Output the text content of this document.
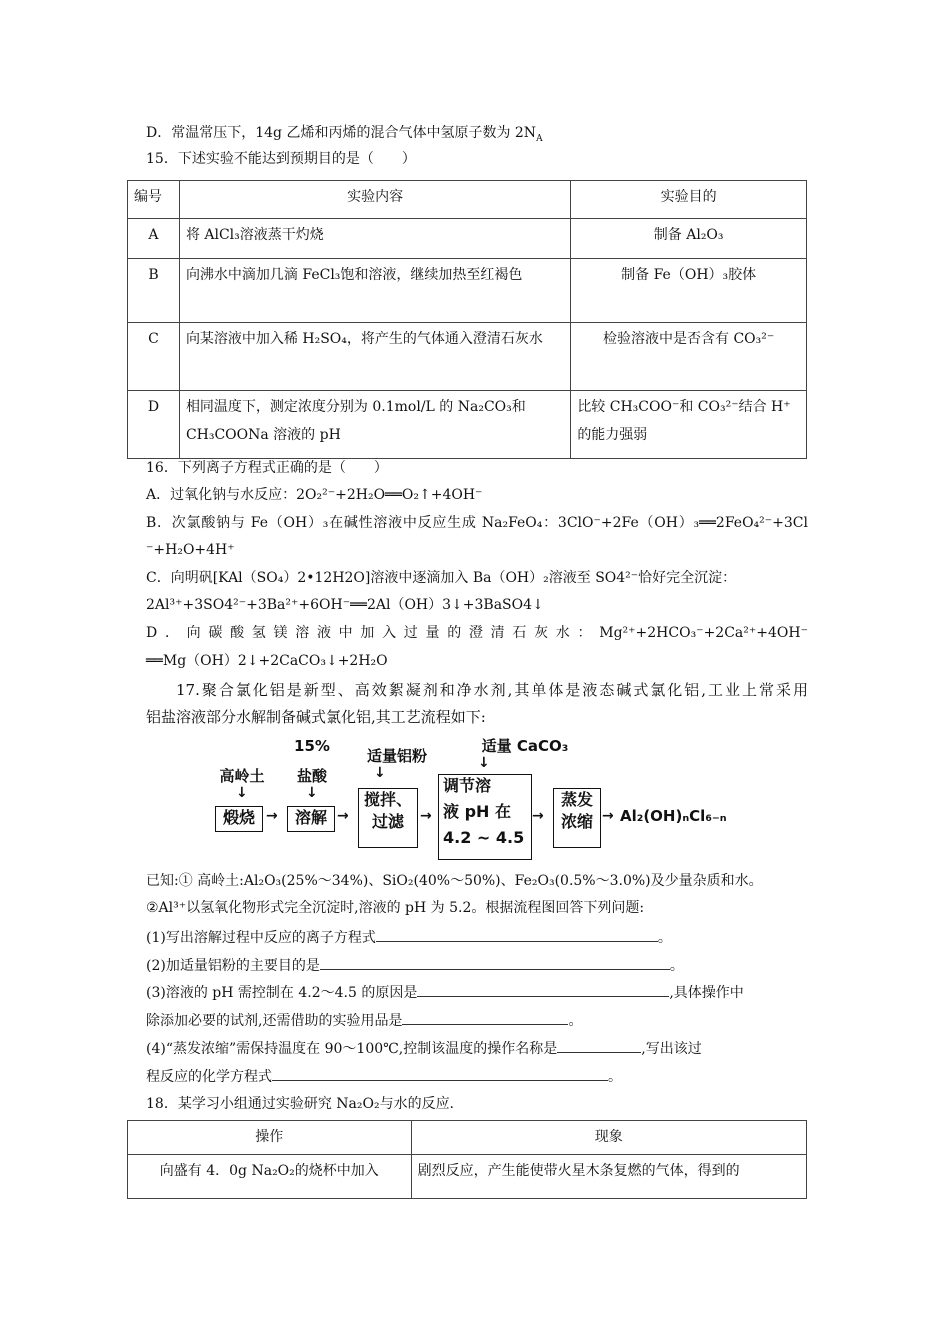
D．常温常压下，14g 乙烯和丙烯的混合气体中氢原子数为 $2N_A$
15．下述实验不能达到预期目的是（　　）
编号	实验内容	实验目的
A	将 AlCl₃溶液蒸干灼烧	制备 Al₂O₃
B	向沸水中滴加几滴 FeCl₃饱和溶液，继续加热至红褐色	制备 Fe（OH）₃胶体
C	向某溶液中加入稀 H₂SO₄，将产生的气体通入澄清石灰水	检验溶液中是否含有 CO₃²⁻
D	相同温度下，测定浓度分别为 0.1mol/L 的 Na₂CO₃和 CH₃COONa 溶液的 pH	比较 CH₃COO⁻和 CO₃²⁻结合 H⁺的能力强弱
16．下列离子方程式正确的是（　　）
A．过氧化钠与水反应：2O₂²⁻+2H₂O══O₂↑+4OH⁻
B．次氯酸钠与 Fe（OH）₃在碱性溶液中反应生成 Na₂FeO₄：3ClO⁻+2Fe（OH）₃══2FeO₄²⁻+3Cl
⁻+H₂O+4H⁺
C．向明矾[KAl（SO₄）2•12H2O]溶液中逐滴加入 Ba（OH）₂溶液至 SO4²⁻恰好完全沉淀：
2Al³⁺+3SO4²⁻+3Ba²⁺+6OH⁻══2Al（OH）3↓+3BaSO4↓
D．向碳酸氢镁溶液中加入过量的澄清石灰水：Mg²⁺+2HCO₃⁻+2Ca²⁺+4OH⁻
══Mg（OH）2↓+2CaCO₃↓+2H₂O
17.聚合氯化铝是新型、高效絮凝剂和净水剂,其单体是液态碱式氯化铝,工业上常采用
铝盐溶液部分水解制备碱式氯化铝,其工艺流程如下:
高岭土
↓
15%
盐酸
↓
适量铝粉
↓
适量 CaCO₃
↓
煅烧 →	溶解 →
搅拌、
过滤	→
调节溶
液 pH 在
4.2 ~ 4.5
→
蒸发
浓缩 → Al₂(OH)ₙCl₆₋ₙ
已知:① 高岭土:Al₂O₃(25%～34%)、SiO₂(40%～50%)、Fe₂O₃(0.5%～3.0%)及少量杂质和水。
②Al³⁺以氢氧化物形式完全沉淀时,溶液的 pH 为 5.2。根据流程图回答下列问题:
(1)写出溶解过程中反应的离子方程式	。
(2)加适量铝粉的主要目的是	。
(3)溶液的 pH 需控制在 4.2～4.5 的原因是	,具体操作中
除添加必要的试剂,还需借助的实验用品是	。
(4)“蒸发浓缩”需保持温度在 90～100℃,控制该温度的操作名称是	,写出该过
程反应的化学方程式	。
18．某学习小组通过实验研究 Na₂O₂与水的反应.
操作	现象
向盛有 4．0g Na₂O₂的烧杯中加入	剧烈反应，产生能使带火星木条复燃的气体，得到的
